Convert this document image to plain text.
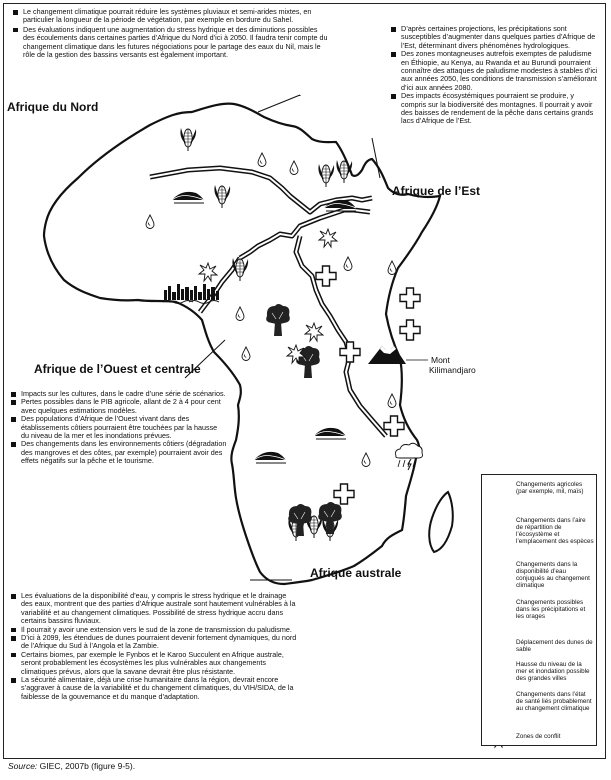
Le changement climatique pourrait réduire les systèmes pluviaux et semi-arides mixtes, en particulier la longueur de la période de végétation, par exemple en bordure du Sahel.
Des évaluations indiquent une augmentation du stress hydrique et des diminutions possibles des écoulements dans certaines parties d’Afrique du Nord d’ici à 2050. Il faudra tenir compte du changement climatique dans les futures négociations pour le partage des eaux du Nil, mais le rôle de la gestion des bassins versants est également important.
D’après certaines projections, les précipitations sont susceptibles d’augmenter dans quelques parties d’Afrique de l’Est, déterminant divers phénomènes hydrologiques.
Des zones montagneuses autrefois exemptes de paludisme en Éthiopie, au Kenya, au Rwanda et au Burundi pourraient connaître des attaques de paludisme modestes à stables d’ici aux années 2050, les conditions de transmission s’améliorant d’ici aux années 2080.
Des impacts écosystémiques pourraient se produire, y compris sur la biodiversité des montagnes. Il pourrait y avoir des baisses de rendement de la pêche dans certains grands lacs d’Afrique de l’Est.
Impacts sur les cultures, dans le cadre d’une série de scénarios.
Pertes possibles dans le PIB agricole, allant de 2 à 4 pour cent avec quelques estimations modèles.
Des populations d’Afrique de l’Ouest vivant dans des établissements côtiers pourraient être touchées par la hausse du niveau de la mer et les inondations prévues.
Des changements dans les environnements côtiers (dégradation des mangroves et des côtes, par exemple) pourraient avoir des effets négatifs sur la pêche et le tourisme.
Les évaluations de la disponibilité d’eau, y compris le stress hydrique et le drainage des eaux, montrent que des parties d’Afrique australe sont hautement vulnérables à la variabilité et au changement climatiques. Possibilité de stress hydrique accru dans certains bassins fluviaux.
Il pourrait y avoir une extension vers le sud de la zone de transmission du paludisme.
D’ici à 2099, les étendues de dunes pourraient devenir fortement dynamiques, du nord de l’Afrique du Sud à l’Angola et la Zambie.
Certains biomes, par exemple le Fynbos et le Karoo Succulent en Afrique australe, seront probablement les écosystèmes les plus vulnérables aux changements climatiques prévus, alors que la savane devrait être plus résistante.
La sécurité alimentaire, déjà une crise humanitaire dans la région, devrait encore s’aggraver à cause de la variabilité et du changement climatiques, du VIH/SIDA, de la faiblesse de la gouvernance et du manque d’adaptation.
Afrique du Nord
Afrique de l’Est
Afrique de l’Ouest et centrale
Afrique australe
Mont
Kilimandjaro
Changements agricoles (par exemple, mil, maïs)
Changements dans l’aire de répartition de l’écosystème et l’emplacement des espèces
Changements dans la disponibilité d’eau conjugués au changement climatique
Changements possibles dans les précipitations et les orages
Déplacement des dunes de sable
Hausse du niveau de la mer et inondation possible des grandes villes
Changements dans l’état de santé liés probablement au changement climatique
Zones de conflit
Source: GIEC, 2007b (figure 9-5).
